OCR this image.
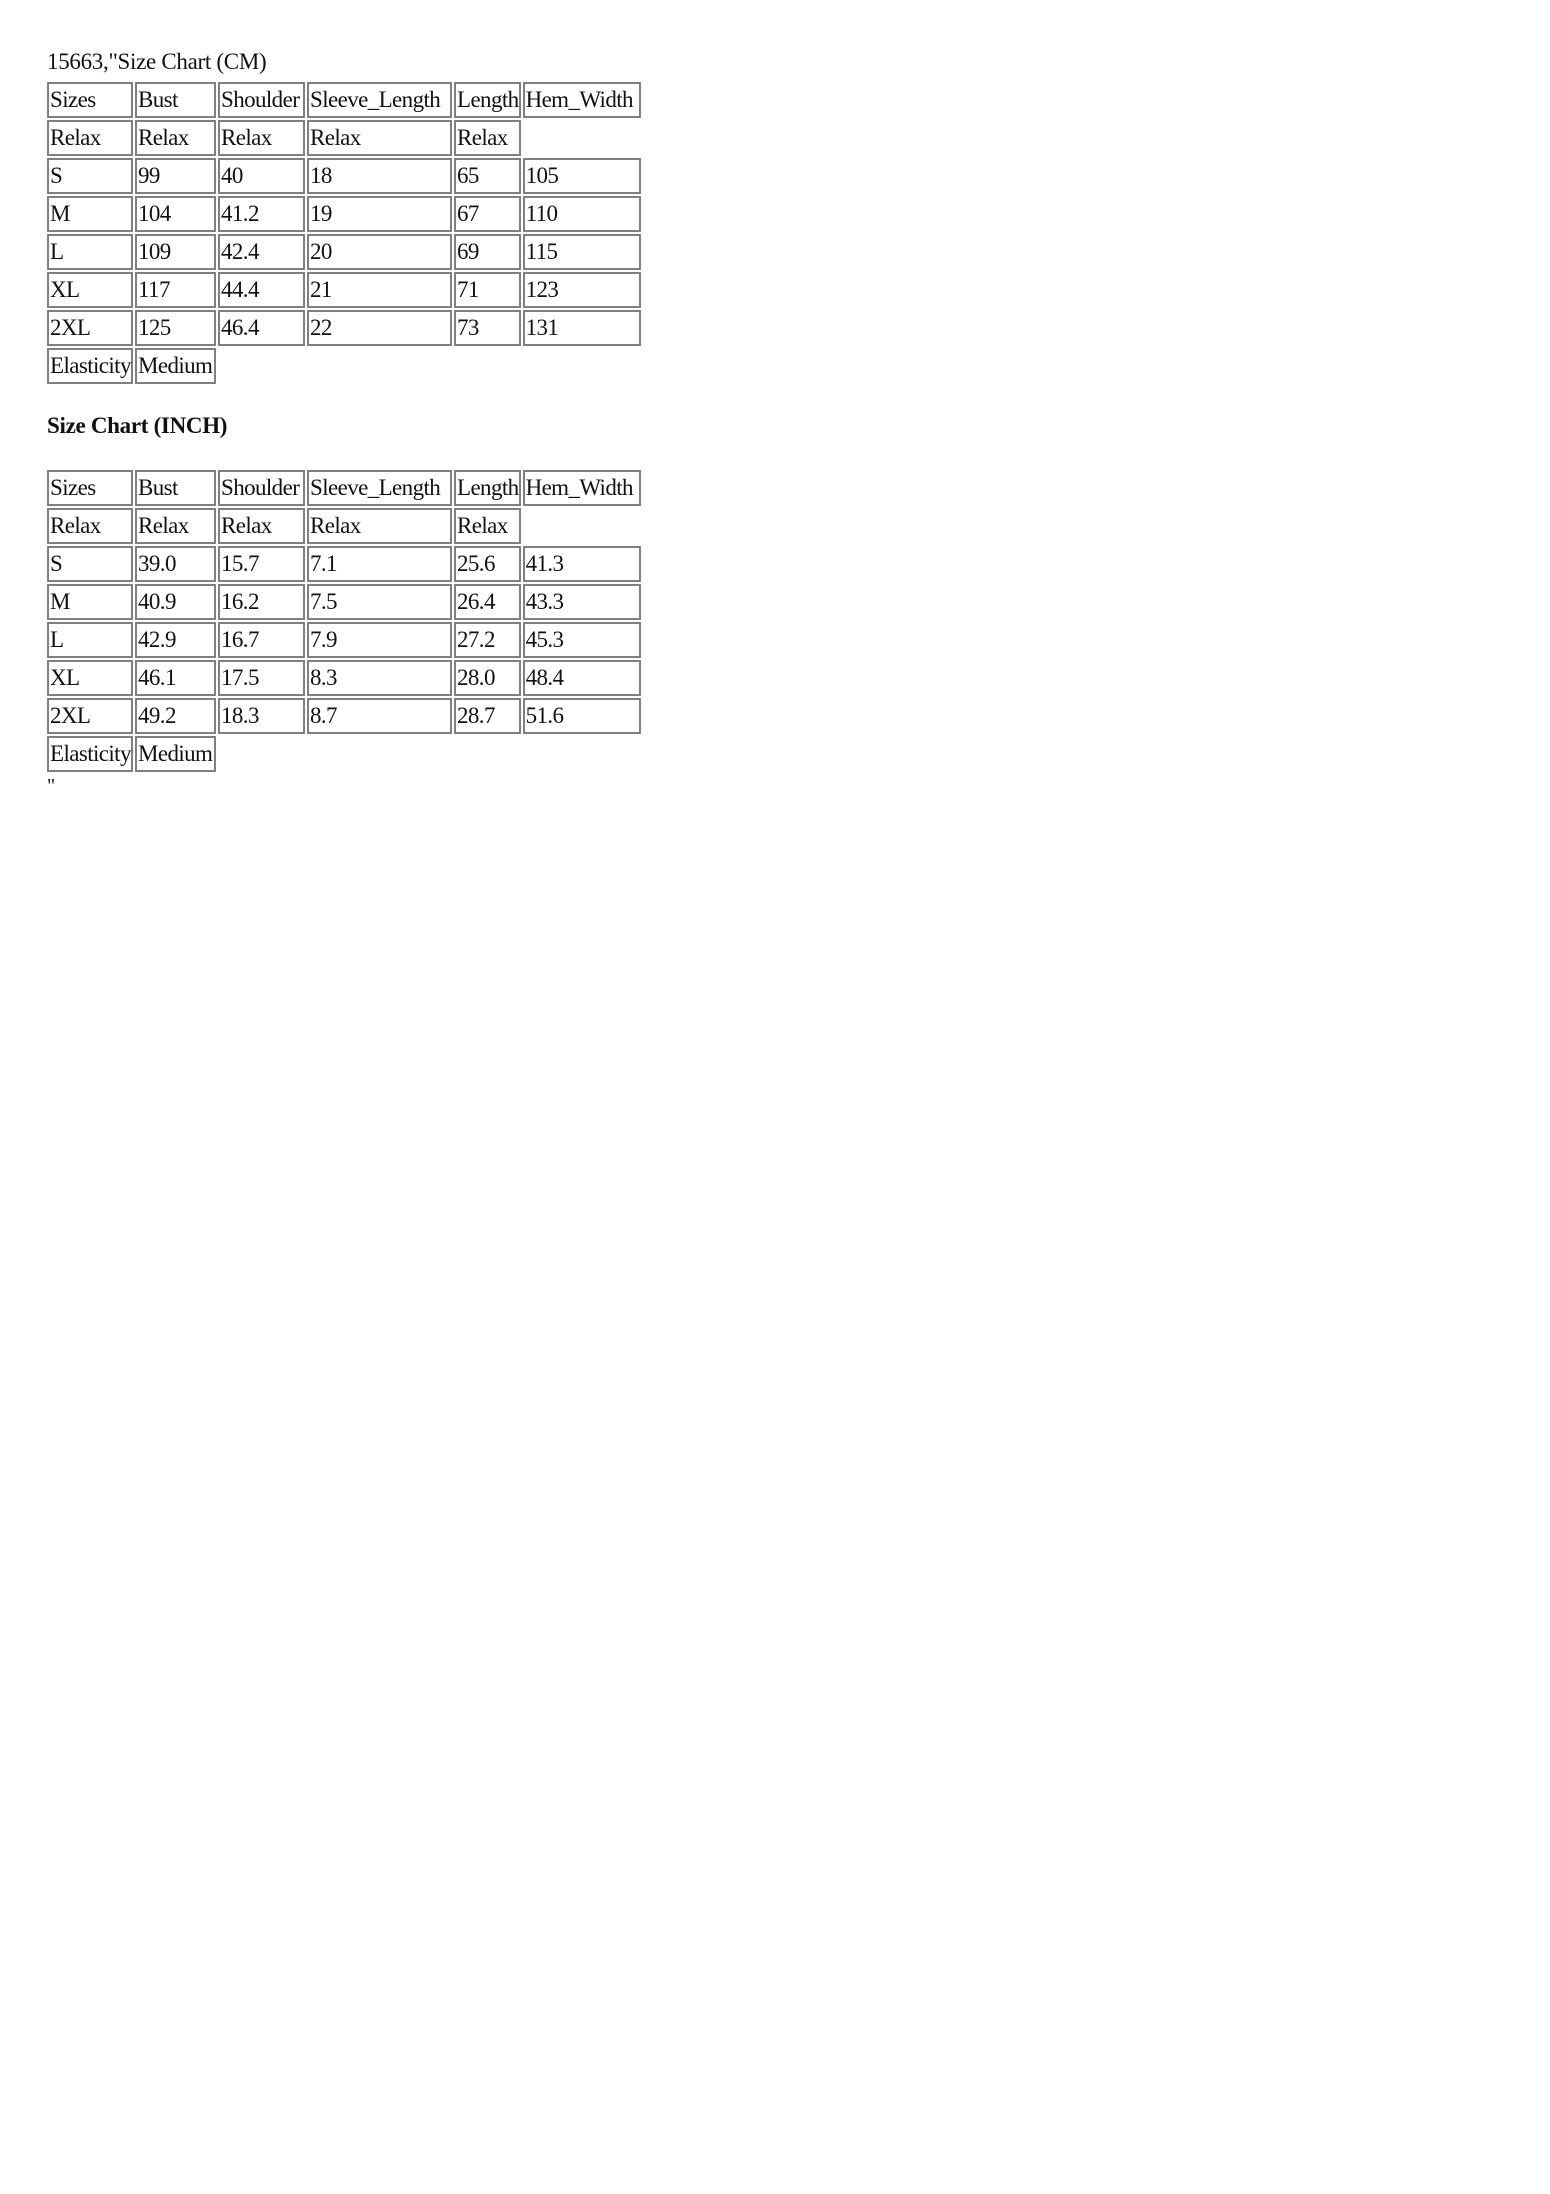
15663,"Size Chart (CM)
Sizes	Bust	Shoulder	Sleeve_Length	Length	Hem_Width
Relax	Relax	Relax	Relax	Relax	
S	99	40	18	65	105
M	104	41.2	19	67	110
L	109	42.4	20	69	115
XL	117	44.4	21	71	123
2XL	125	46.4	22	73	131
Elasticity	Medium				
Size Chart (INCH)
Sizes	Bust	Shoulder	Sleeve_Length	Length	Hem_Width
Relax	Relax	Relax	Relax	Relax	
S	39.0	15.7	7.1	25.6	41.3
M	40.9	16.2	7.5	26.4	43.3
L	42.9	16.7	7.9	27.2	45.3
XL	46.1	17.5	8.3	28.0	48.4
2XL	49.2	18.3	8.7	28.7	51.6
Elasticity	Medium				
"
